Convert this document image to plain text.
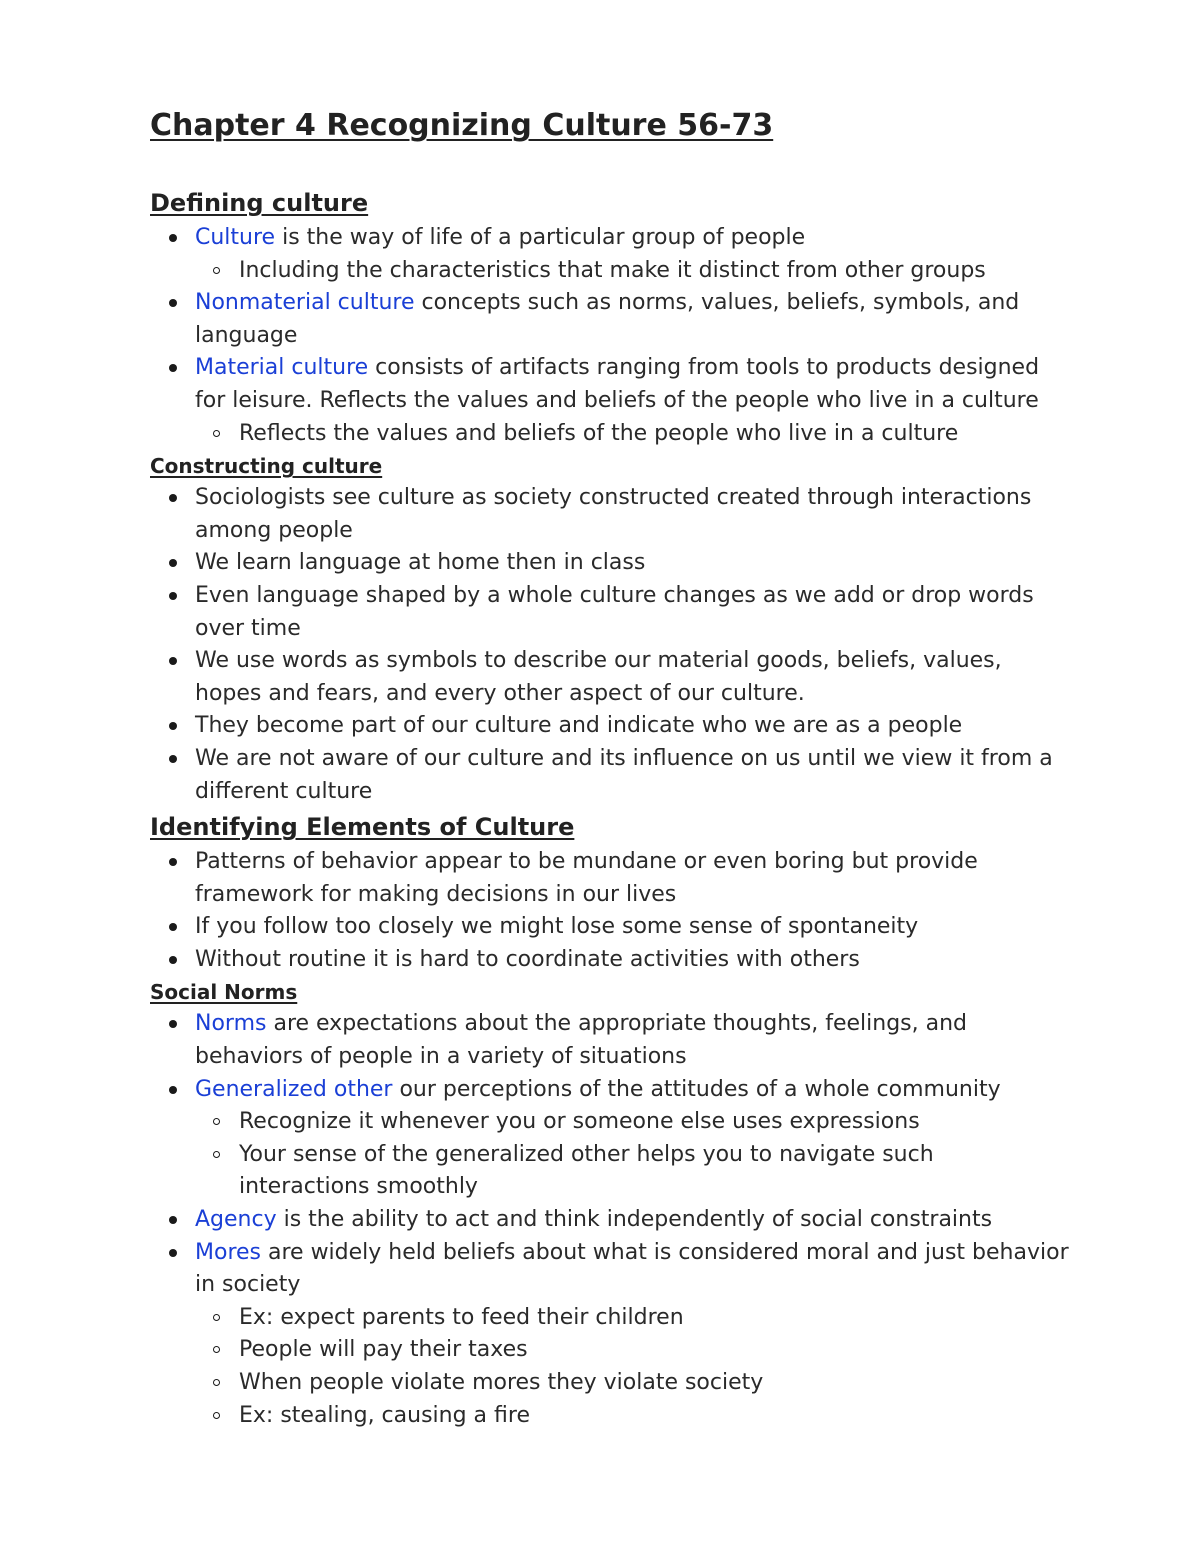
Chapter 4 Recognizing Culture 56-73
Defining culture
Culture is the way of life of a particular group of people
Including the characteristics that make it distinct from other groups
Nonmaterial culture concepts such as norms, values, beliefs, symbols, and language
Material culture consists of artifacts ranging from tools to products designed for leisure. Reflects the values and beliefs of the people who live in a culture
Reflects the values and beliefs of the people who live in a culture
Constructing culture
Sociologists see culture as society constructed created through interactions among people
We learn language at home then in class
Even language shaped by a whole culture changes as we add or drop words over time
We use words as symbols to describe our material goods, beliefs, values, hopes and fears, and every other aspect of our culture.
They become part of our culture and indicate who we are as a people
We are not aware of our culture and its influence on us until we view it from a different culture
Identifying Elements of Culture
Patterns of behavior appear to be mundane or even boring but provide framework for making decisions in our lives
If you follow too closely we might lose some sense of spontaneity
Without routine it is hard to coordinate activities with others
Social Norms
Norms are expectations about the appropriate thoughts, feelings, and behaviors of people in a variety of situations
Generalized other our perceptions of the attitudes of a whole community
Recognize it whenever you or someone else uses expressions
Your sense of the generalized other helps you to navigate such interactions smoothly
Agency is the ability to act and think independently of social constraints
Mores are widely held beliefs about what is considered moral and just behavior in society
Ex: expect parents to feed their children
People will pay their taxes
When people violate mores they violate society
Ex: stealing, causing a fire
